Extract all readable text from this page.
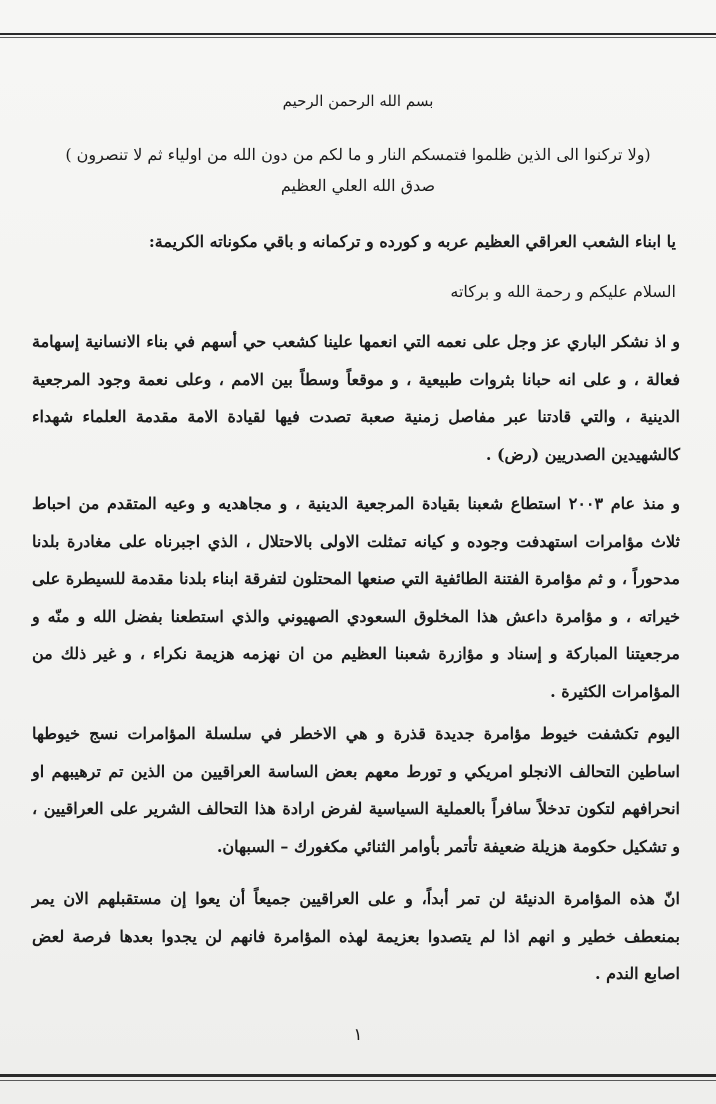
بسم الله الرحمن الرحيم
(ولا تركنوا الى الذين ظلموا فتمسكم النار و ما لكم من دون الله من اولياء ثم لا تنصرون )
صدق الله العلي العظيم
يا ابناء الشعب العراقي العظيم عربه و كورده و تركمانه و باقي مكوناته الكريمة:
السلام عليكم و رحمة الله و بركاته
و اذ نشكر الباري عز وجل على نعمه التي انعمها علينا كشعب حي أسهم في بناء الانسانية إسهامة فعالة ، و على انه حبانا بثروات طبيعية ، و موقعاً وسطاً بين الامم ، وعلى نعمة وجود المرجعية الدينية ، والتي قادتنا عبر مفاصل زمنية صعبة تصدت فيها لقيادة الامة مقدمة العلماء شهداء كالشهيدين الصدريين (رض) .
و منذ عام ٢٠٠٣ استطاع شعبنا بقيادة المرجعية الدينية ، و مجاهديه و وعيه المتقدم من احباط ثلاث مؤامرات استهدفت وجوده و كيانه تمثلت الاولى بالاحتلال ، الذي اجبرناه على مغادرة بلدنا مدحوراً ، و ثم مؤامرة الفتنة الطائفية التي صنعها المحتلون لتفرقة ابناء بلدنا مقدمة للسيطرة على خيراته ، و مؤامرة داعش هذا المخلوق السعودي الصهيوني والذي استطعنا بفضل الله و منّه و مرجعيتنا المباركة و إسناد و مؤازرة شعبنا العظيم من ان نهزمه هزيمة نكراء ، و غير ذلك من المؤامرات الكثيرة .
اليوم تكشفت خيوط مؤامرة جديدة قذرة و هي الاخطر في سلسلة المؤامرات نسج خيوطها اساطين التحالف الانجلو امريكي و تورط معهم بعض الساسة العراقيين من الذين تم ترهيبهم او انحرافهم لتكون تدخلاً سافراً بالعملية السياسية لفرض ارادة هذا التحالف الشرير على العراقيين ، و تشكيل حكومة هزيلة ضعيفة تأتمر بأوامر الثنائي مكغورك – السبهان.
انّ هذه المؤامرة الدنيئة لن تمر أبداً، و على العراقيين جميعاً أن يعوا إن مستقبلهم الان يمر بمنعطف خطير و انهم اذا لم يتصدوا بعزيمة لهذه المؤامرة فانهم لن يجدوا بعدها فرصة لعض اصابع الندم .
١
